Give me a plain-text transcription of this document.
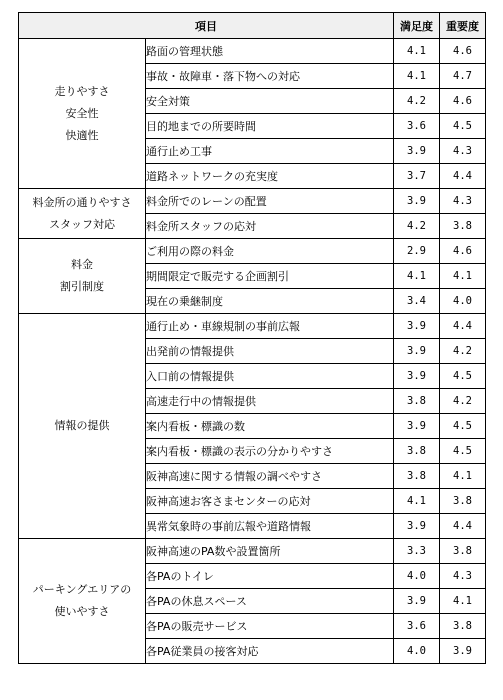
項目		満足度	重要度

走りやすさ
安全性
快適性	路面の管理状態	4.1	4.6
	事故・故障車・落下物への対応	4.1	4.7
	安全対策	4.2	4.6
	目的地までの所要時間	3.6	4.5
	通行止め工事	3.9	4.3
	道路ネットワークの充実度	3.7	4.4

料金所の通りやすさ
スタッフ対応	料金所でのレーンの配置	3.9	4.3
	料金所スタッフの応対	4.2	3.8

料金
割引制度	ご利用の際の料金	2.9	4.6
	期間限定で販売する企画割引	4.1	4.1
	現在の乗継制度	3.4	4.0

情報の提供	通行止め・車線規制の事前広報	3.9	4.4
	出発前の情報提供	3.9	4.2
	入口前の情報提供	3.9	4.5
	高速走行中の情報提供	3.8	4.2
	案内看板・標識の数	3.9	4.5
	案内看板・標識の表示の分かりやすさ	3.8	4.5
	阪神高速に関する情報の調べやすさ	3.8	4.1
	阪神高速お客さまセンターの応対	4.1	3.8
	異常気象時の事前広報や道路情報	3.9	4.4

パーキングエリアの
使いやすさ	阪神高速のPA数や設置箇所	3.3	3.8
	各PAのトイレ	4.0	4.3
	各PAの休息スペース	3.9	4.1
	各PAの販売サービス	3.6	3.8
	各PA従業員の接客対応	4.0	3.9
